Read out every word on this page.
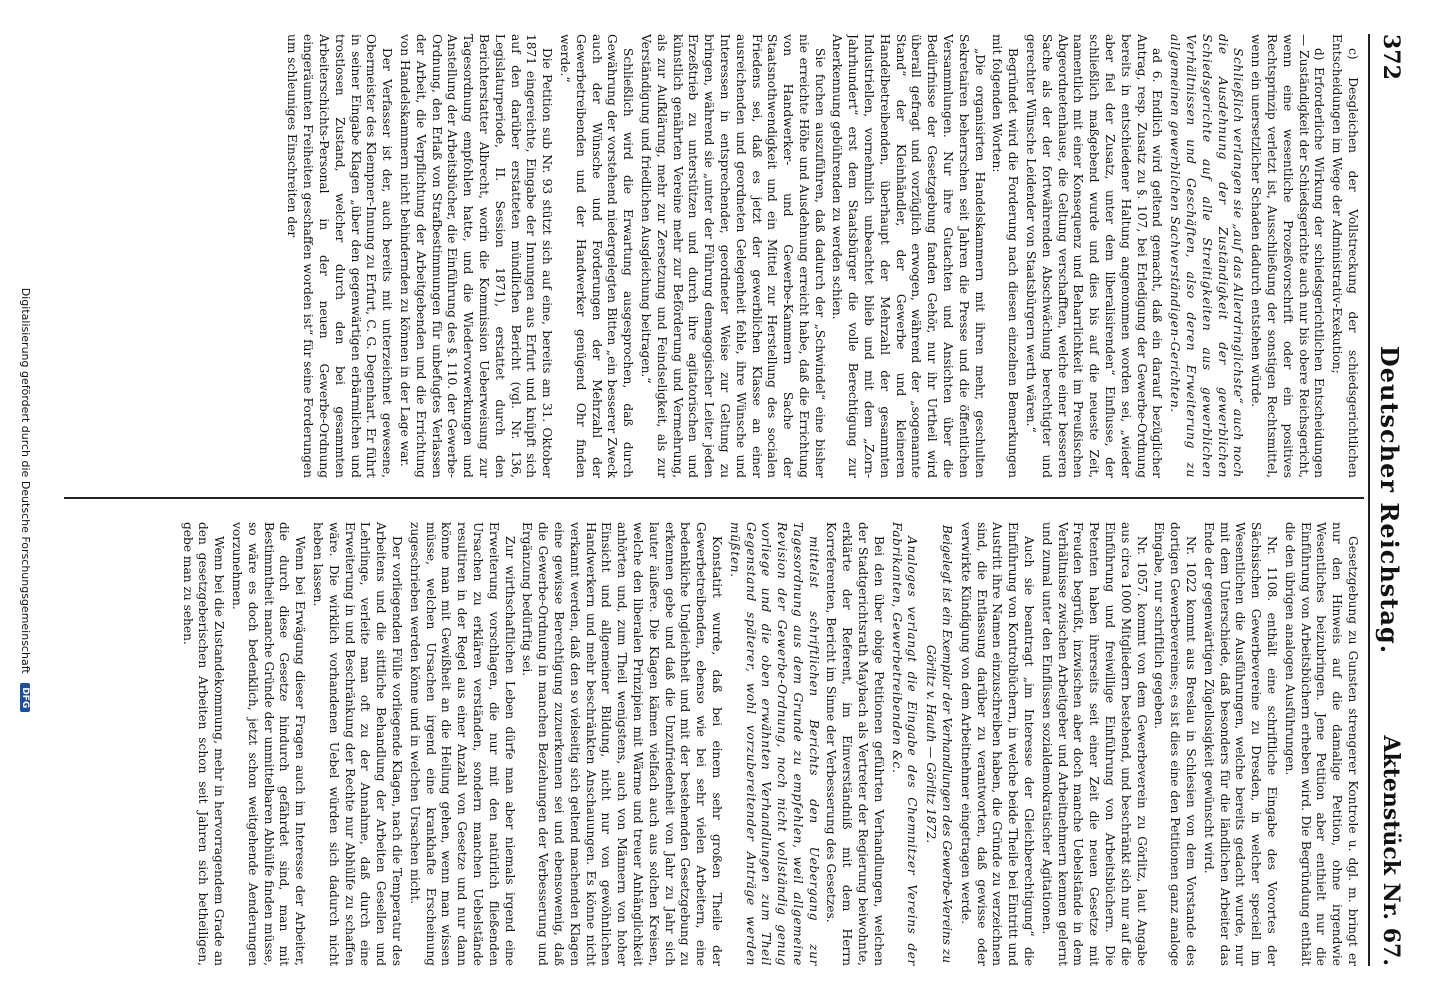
372
Deutscher Reichstag.
Aktenstück Nr. 67.

c) Desgleichen der Vollstreckung der schiedsgerichtlichen Entscheidungen im Wege der Administrativ-Exekution;

d) Erforderliche Wirkung der schiedsgerichtlichen Entscheidungen — Zuständigkeit der Schiedsgerichte auch nur bis obere Reichsgericht, wenn eine wesentliche Prozeßvorschrift oder ein positives Rechtsprinzip verletzt ist, Ausschließung der sonstigen Rechtsmittel, wenn ein unersetzlicher Schaden dadurch entstehen würde.

Schließlich verlangen sie „auf das Allerdringlichste“ auch noch die Ausdehnung der Zuständigkeit der gewerblichen Schiedsgerichte auf alle Streitigkeiten aus gewerblichen Verhältnissen und Geschäften, also deren Erweiterung zu allgemeinen gewerblichen Sachverständigen-Gerichten.

ad 6. Endlich wird geltend gemacht, daß ein darauf bezüglicher Antrag, resp. Zusatz zu §. 107, bei Erledigung der Gewerbe-Ordnung bereits in entschiedener Haltung angenommen worden sei, „wieder aber fiel der Zusatz, unter dem liberalisirenden“ Einflusse, der schließlich maßgebend wurde und dies bis auf die neueste Zeit, namentlich mit einer Konsequenz und Beharrlichkeit im Preußischen Abgeordnetenhause, die Geltung verschafften, welche einer besseren Sache als der der fortwährenden Abschwächung berechtigter und gerechter Wünsche Leidender von Staatsbürgern werth wären.“

Begründet wird die Forderung nach diesen einzelnen Bemerkungen mit folgenden Worten:

„Die organisirten Handelskammern mit ihren mehr, geschulten Sekretairen beherrschen seit Jahren die Presse und die öffentlichen Versammlungen. Nur ihre Gutachten und Ansichten über die Bedürfnisse der Gesetzgebung fanden Gehör, nur ihr Urtheil wird überall gefragt und vorzüglich erwogen, während der „sogenannte Stand“ der Kleinhändler, der Gewerbe und kleineren Handelbetreibenden, überhaupt der Mehrzahl der gesammten Industriellen, vornehmlich unbeachtet blieb und mit dem „Zorn-Jahrhundert“ erst dem Staatsbürger die volle Berechtigung zur Anerkennung gebührenden zu werden schien.

Sie fuchen auszuführen, daß dadurch der „Schwindel“ eine bisher nie erreichte Höhe und Ausdehnung erreicht habe, daß die Errichtung von Handwerker- und Gewerbe-Kammern Sache der Staatsnothwendigkeit und ein Mittel zur Herstellung des socialen Friedens sei, daß es jetzt der gewerblichen Klasse an einer ausreichenden und geordneten Gelegenheit fehle, ihre Wünsche und Interessen in entsprechender, geordneter Weise zur Geltung zu bringen, während sie „unter der Führung demagogischer Leiter jeden Erzeßtrieb zu unterstützen und durch ihre agitatorischen und künstlich genährten Vereine mehr zur Beförderung und Vermehrung, als zur Aufklärung, mehr zur Zersetzung und Feindseligkeit, als zur Verständigung und friedlichen Ausgleichung beitragen.“

Schließlich wird die Erwartung ausgesprochen, daß durch Gewährung der vorstehend niedergelegten Bitten „ein besserer Zweck auch der Wünsche und Forderungen der Mehrzahl der Gewerbetreibenden und der Handwerker genügend Ohr finden werde.“

Die Petition sub Nr. 93 stützt sich auf eine, bereits am 31. Oktober 1871 eingereichte, Eingabe der Innungen aus Erfurt und knüpft sich auf den darüber erstatteten mündlichen Bericht (vgl. Nr. 136, Legislaturperiode, II. Session 1871), erstattet durch den Berichterstatter Albrecht, worin die Kommission Ueberweisung zur Tagesordnung empfohlen hatte, und die Wiedervorwerkungen und Anstellung der Arbeitsbücher, die Einführung des §. 110. der Gewerbe-Ordnung, den Erlaß von Strafbestimmungen für unbefugtes Verlassen der Arbeit, die Verpflichtung der Arbeitgebenden und die Errichtung von Handelskammern nicht behindernden zu können in der Lage war.

Der Verfasser ist der, auch bereits mit unterzeichnet gewesene, Obermeister des Klempner-Innung zu Erfurt, C. G. Degenhart. Er führt in seiner Eingabe Klagen „über den gegenwärtigen erbärmlichen und trostlosen Zustand, welcher durch den bei gesammten Arbeiterschichts-Personal in der neuen Gewerbe-Ordnung eingeräumten Freiheiten geschaffen worden ist“ für seine Forderungen um schleuniges Einschreiten der

Gesetzgebung zu Gunsten strengerer Kontrole u. dgl. m. bringt er nur den Hinweis auf die damalige Petition, ohne irgendwie Wesentliches beizubringen. Jene Petition aber enthielt nur die Einführung von Arbeitsbüchern erheben wird. Die Begründung enthält die den übrigen analogen Ausführungen.

Nr. 1108. enthält eine schriftliche Eingabe des Vorortes der Sächsischen Gewerbevereine zu Dresden, in welcher speciell im Wesentlichen die Ausführungen, welche bereits gedacht wurde, nur mit dem Unterschiede, daß besonders für die ländlichen Arbeiter das Ende der gegenwärtigen Zügellosigkeit gewünscht wird.

Nr. 1022 kommt aus Breslau in Schlesien von dem Vorstande des dortigen Gewerbevereines; es ist dies eine den Petitionen ganz analoge Eingabe, nur schriftlich gegeben.

Nr. 1057. kommt von dem Gewerbeverein zu Görlitz, laut Angabe aus circa 1000 Mitgliedern bestehend, und beschränkt sich nur auf die Einführung und freiwillige Einführung von Arbeitsbüchern. Die Petenten haben ihrerseits seit einer Zeit die neuen Gesetze mit Freuden begrüßt, inzwischen aber doch manche Uebelstände in dem Verhältnisse zwischen Arbeitgeber und Arbeitnehmern kennen gelernt und zumal unter den Einflüssen sozialdemokratischer Agitationen.

Auch sie beantragt „im Interesse der Gleichberechtigung“ die Einführung von Kontrolbüchern, in welche beide Theile bei Eintritt und Austritt ihre Namen einzuschreiben haben, die Gründe zu verzeichnen sind, die Entlassung darüber zu verantworten, daß gewisse oder verwirkte Kündigung von dem Arbeitnehmer eingetragen werde.

Beigelegt ist ein Exemplar der Verhandlungen des Gewerbe-Vereins zu Görlitz v. Hauth — Görlitz 1872.

Analoges verlangt die Eingabe des Chemnitzer Vereins der Fabrikanten, Gewerbetreibenden &c.

Bei den über obige Petitionen geführten Verhandlungen, welchen der Stadtgerichtsrath Maybach als Vertreter der Regierung beiwohnte, erklärte der Referent, im Einverständniß mit dem Herrn Korreferenten, Bericht im Sinne der Verbesserung des Gesetzes.

mittelst schriftlichen Berichts den Uebergang zur Tagesordnung aus dem Grunde zu empfehlen, weil allgemeine Revision der Gewerbe-Ordnung, noch nicht vollständig genug vorliege und die oben erwähnten Verhandlungen zum Theil Gegenstand späterer, wohl vorzubereitender Anträge werden müßten.

Konstatirt wurde, daß bei einem sehr großen Theile der Gewerbetreibenden, ebenso wie bei sehr vielen Arbeitern, eine bedenkliche Ungleichheit und mit der bestehenden Gesetzgebung zu erkennen gebe und daß die Unzufriedenheit von Jahr zu Jahr sich lauter äußere. Die Klagen kämen vielfach auch aus solchen Kreisen, welche den liberalen Prinzipien mit Wärme und treuer Anhänglichkeit anhörten und, zum Theil wenigstens, auch von Männern von hoher Einsicht und allgemeiner Bildung, nicht nur von gewöhnlichen Handwerkern und mehr beschränkten Anschauungen. Es könne nicht verkannt werden, daß den so vielseitig sich geltend machenden Klagen eine gewisse Berechtigung zuzuerkennen sei und ebensowenig, daß die Gewerbe-Ordnung in manchen Beziehungen der Verbesserung und Ergänzung bedürftig sei.

Zur wirthschaftlichen Leben dürfe man aber niemals irgend eine Erweiterung vorschlagen, die nur mit den natürlich fließenden Ursachen zu erklären verständen, sondern manchen Uebelstände resultiren in der Regel aus einer Anzahl von Gesetze und nur dann könne man mit Gewißheit an die Heilung gehen, wenn man wissen müsse, welchen Ursachen irgend eine krankhafte Erscheinung zugeschrieben werden könne und in welchen Ursachen nicht.

Der vorliegenden Fülle vorliegende Klagen, nach die Temperatur des Arbeitens und die sittliche Behandlung der Arbeiten Gesellen und Lehrlinge, verleite man oft zu der Annahme, daß durch eine Erweiterung in und Beschränkung der Rechte nur Abhülfe zu schaffen wäre. Die wirklich vorhandenen Uebel würden sich dadurch nicht heben lassen.

Wenn bei Erwägung dieser Fragen auch im Interesse der Arbeiter, die durch diese Gesetze hindurch gefährdet sind, man mit Bestimmtheit manche Gründe der unmittelbaren Abhülfe finden müsse, so wäre es doch bedenklich, jetzt schon weitgehende Aenderungen vorzunehmen.

Wenn bei die Zustandekommung, mehr in hervorragendem Grade an den gesetzgeberischen Arbeiten schon seit Jahren sich betheiligen, gebe man zu sehen.

Digitalisierung gefördert durch die Deutsche Forschungsgemeinschaft DFG
